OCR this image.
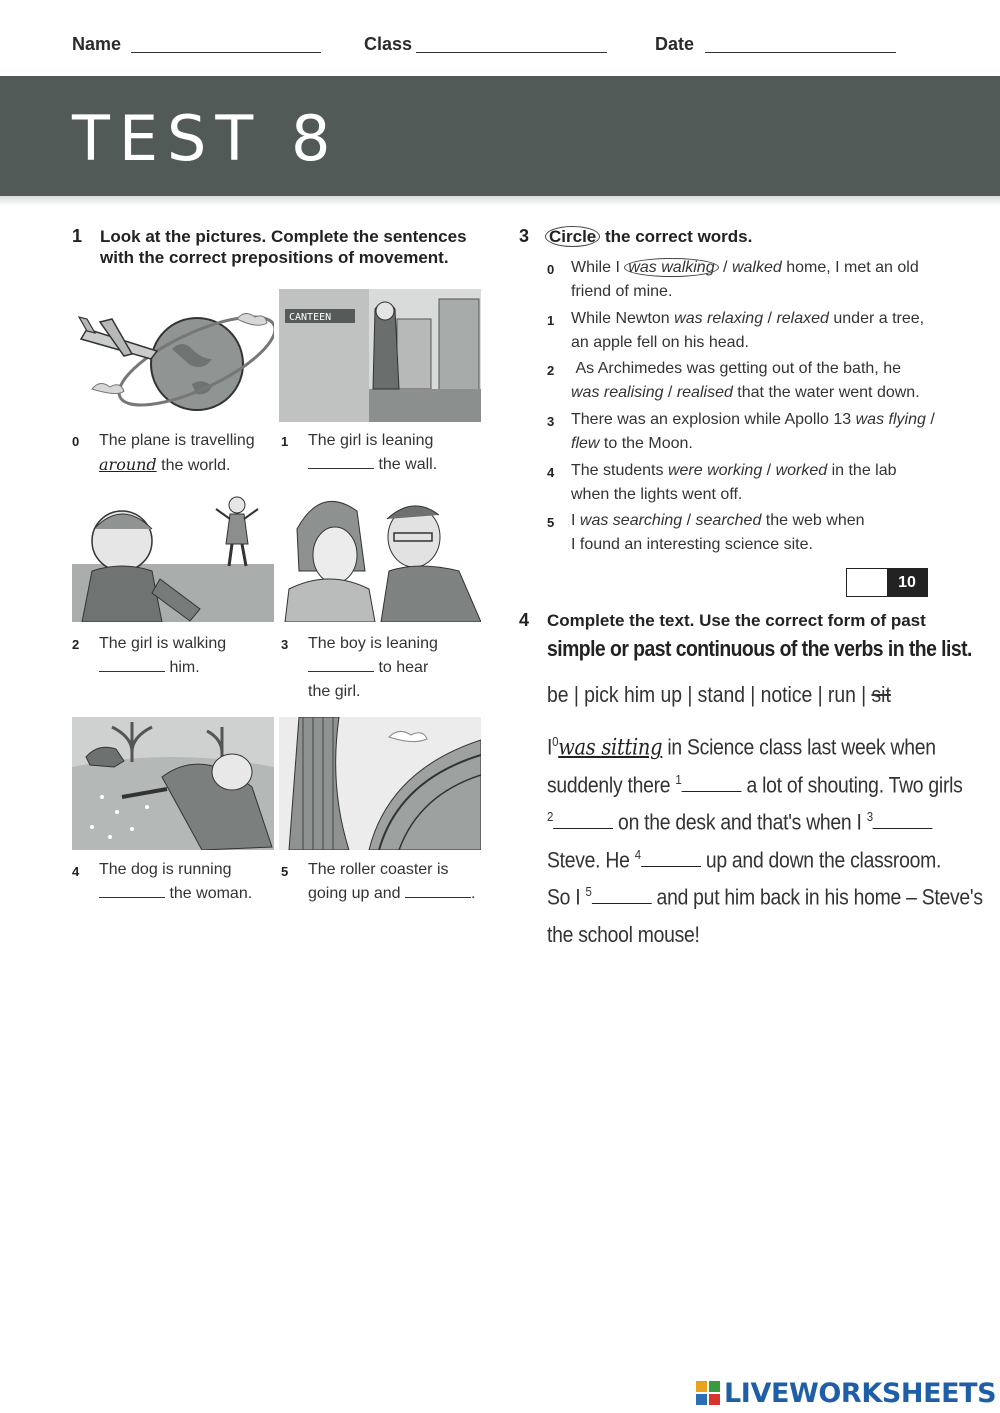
Name	Class	Date
TEST 8
1 Look at the pictures. Complete the sentences
with the correct prepositions of movement.
CANTEEN
0 The plane is travelling
around the world.
1 The girl is leaning
the wall.
2 The girl is walking
him.
3 The boy is leaning
to hear
the girl.
4 The dog is running
the woman.
5 The roller coaster is
going up and	.
3 Circle the correct words.
0 While I was walking / walked home, I met an old
friend of mine.
1 While Newton was relaxing / relaxed under a tree,
an apple fell on his head.
2 As Archimedes was getting out of the bath, he
was realising / realised that the water went down.
3 There was an explosion while Apollo 13 was flying /
flew to the Moon.
4 The students were working / worked in the lab
when the lights went off.
5 I was searching / searched the web when
I found an interesting science site.
10
4 Complete the text. Use the correct form of past
simple or past continuous of the verbs in the list.
be | pick him up | stand | notice | run | sit
$I^0was$ sitting in Science class last week when
suddenly there $^1$	a lot of shouting. Two girls
$^2$	on the desk and that's when I $^3$
Steve. He $^4$	up and down the classroom.
So I $^5$	and put him back in his home – Steve's
the school mouse!
LIVEWORKSHEETS
